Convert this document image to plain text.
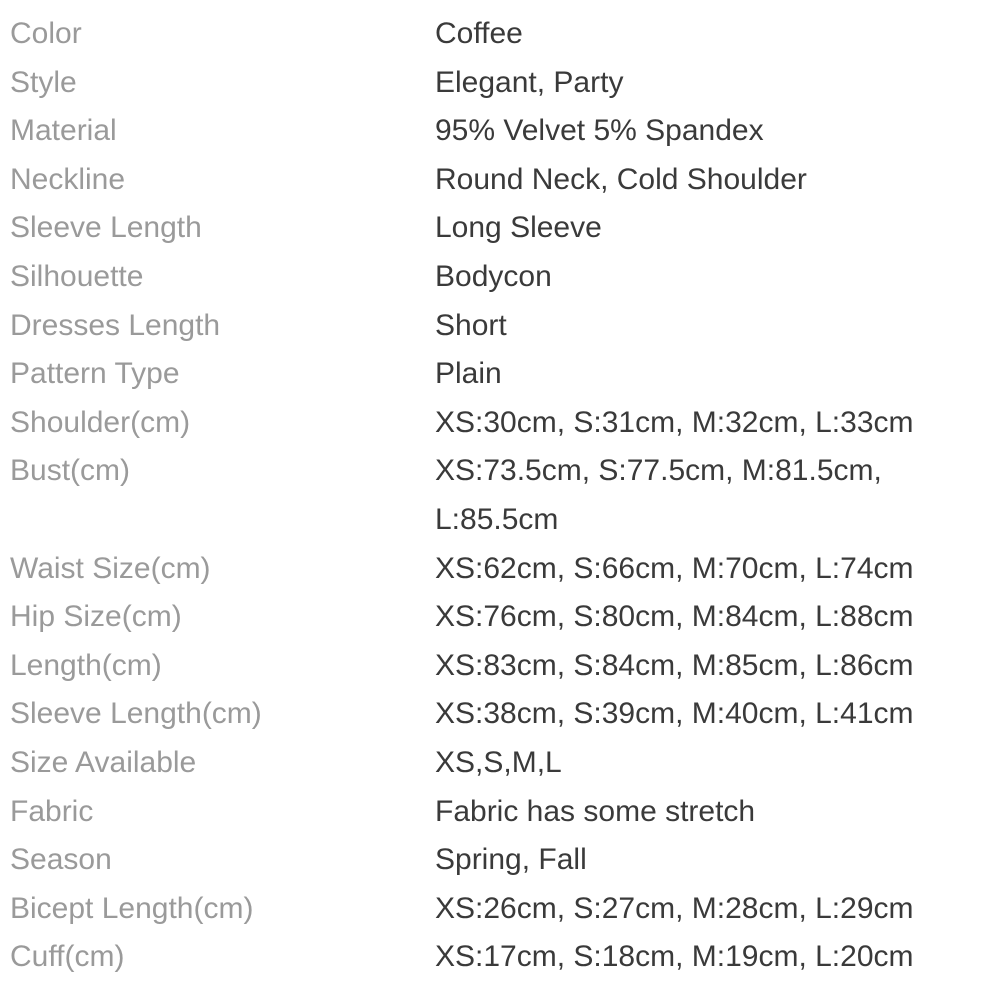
Color	Coffee
Style	Elegant, Party
Material	95% Velvet 5% Spandex
Neckline	Round Neck, Cold Shoulder
Sleeve Length	Long Sleeve
Silhouette	Bodycon
Dresses Length	Short
Pattern Type	Plain
Shoulder(cm)	XS:30cm, S:31cm, M:32cm, L:33cm
Bust(cm)	XS:73.5cm, S:77.5cm, M:81.5cm,
L:85.5cm
Waist Size(cm)	XS:62cm, S:66cm, M:70cm, L:74cm
Hip Size(cm)	XS:76cm, S:80cm, M:84cm, L:88cm
Length(cm)	XS:83cm, S:84cm, M:85cm, L:86cm
Sleeve Length(cm)	XS:38cm, S:39cm, M:40cm, L:41cm
Size Available	XS,S,M,L
Fabric	Fabric has some stretch
Season	Spring, Fall
Bicept Length(cm)	XS:26cm, S:27cm, M:28cm, L:29cm
Cuff(cm)	XS:17cm, S:18cm, M:19cm, L:20cm
